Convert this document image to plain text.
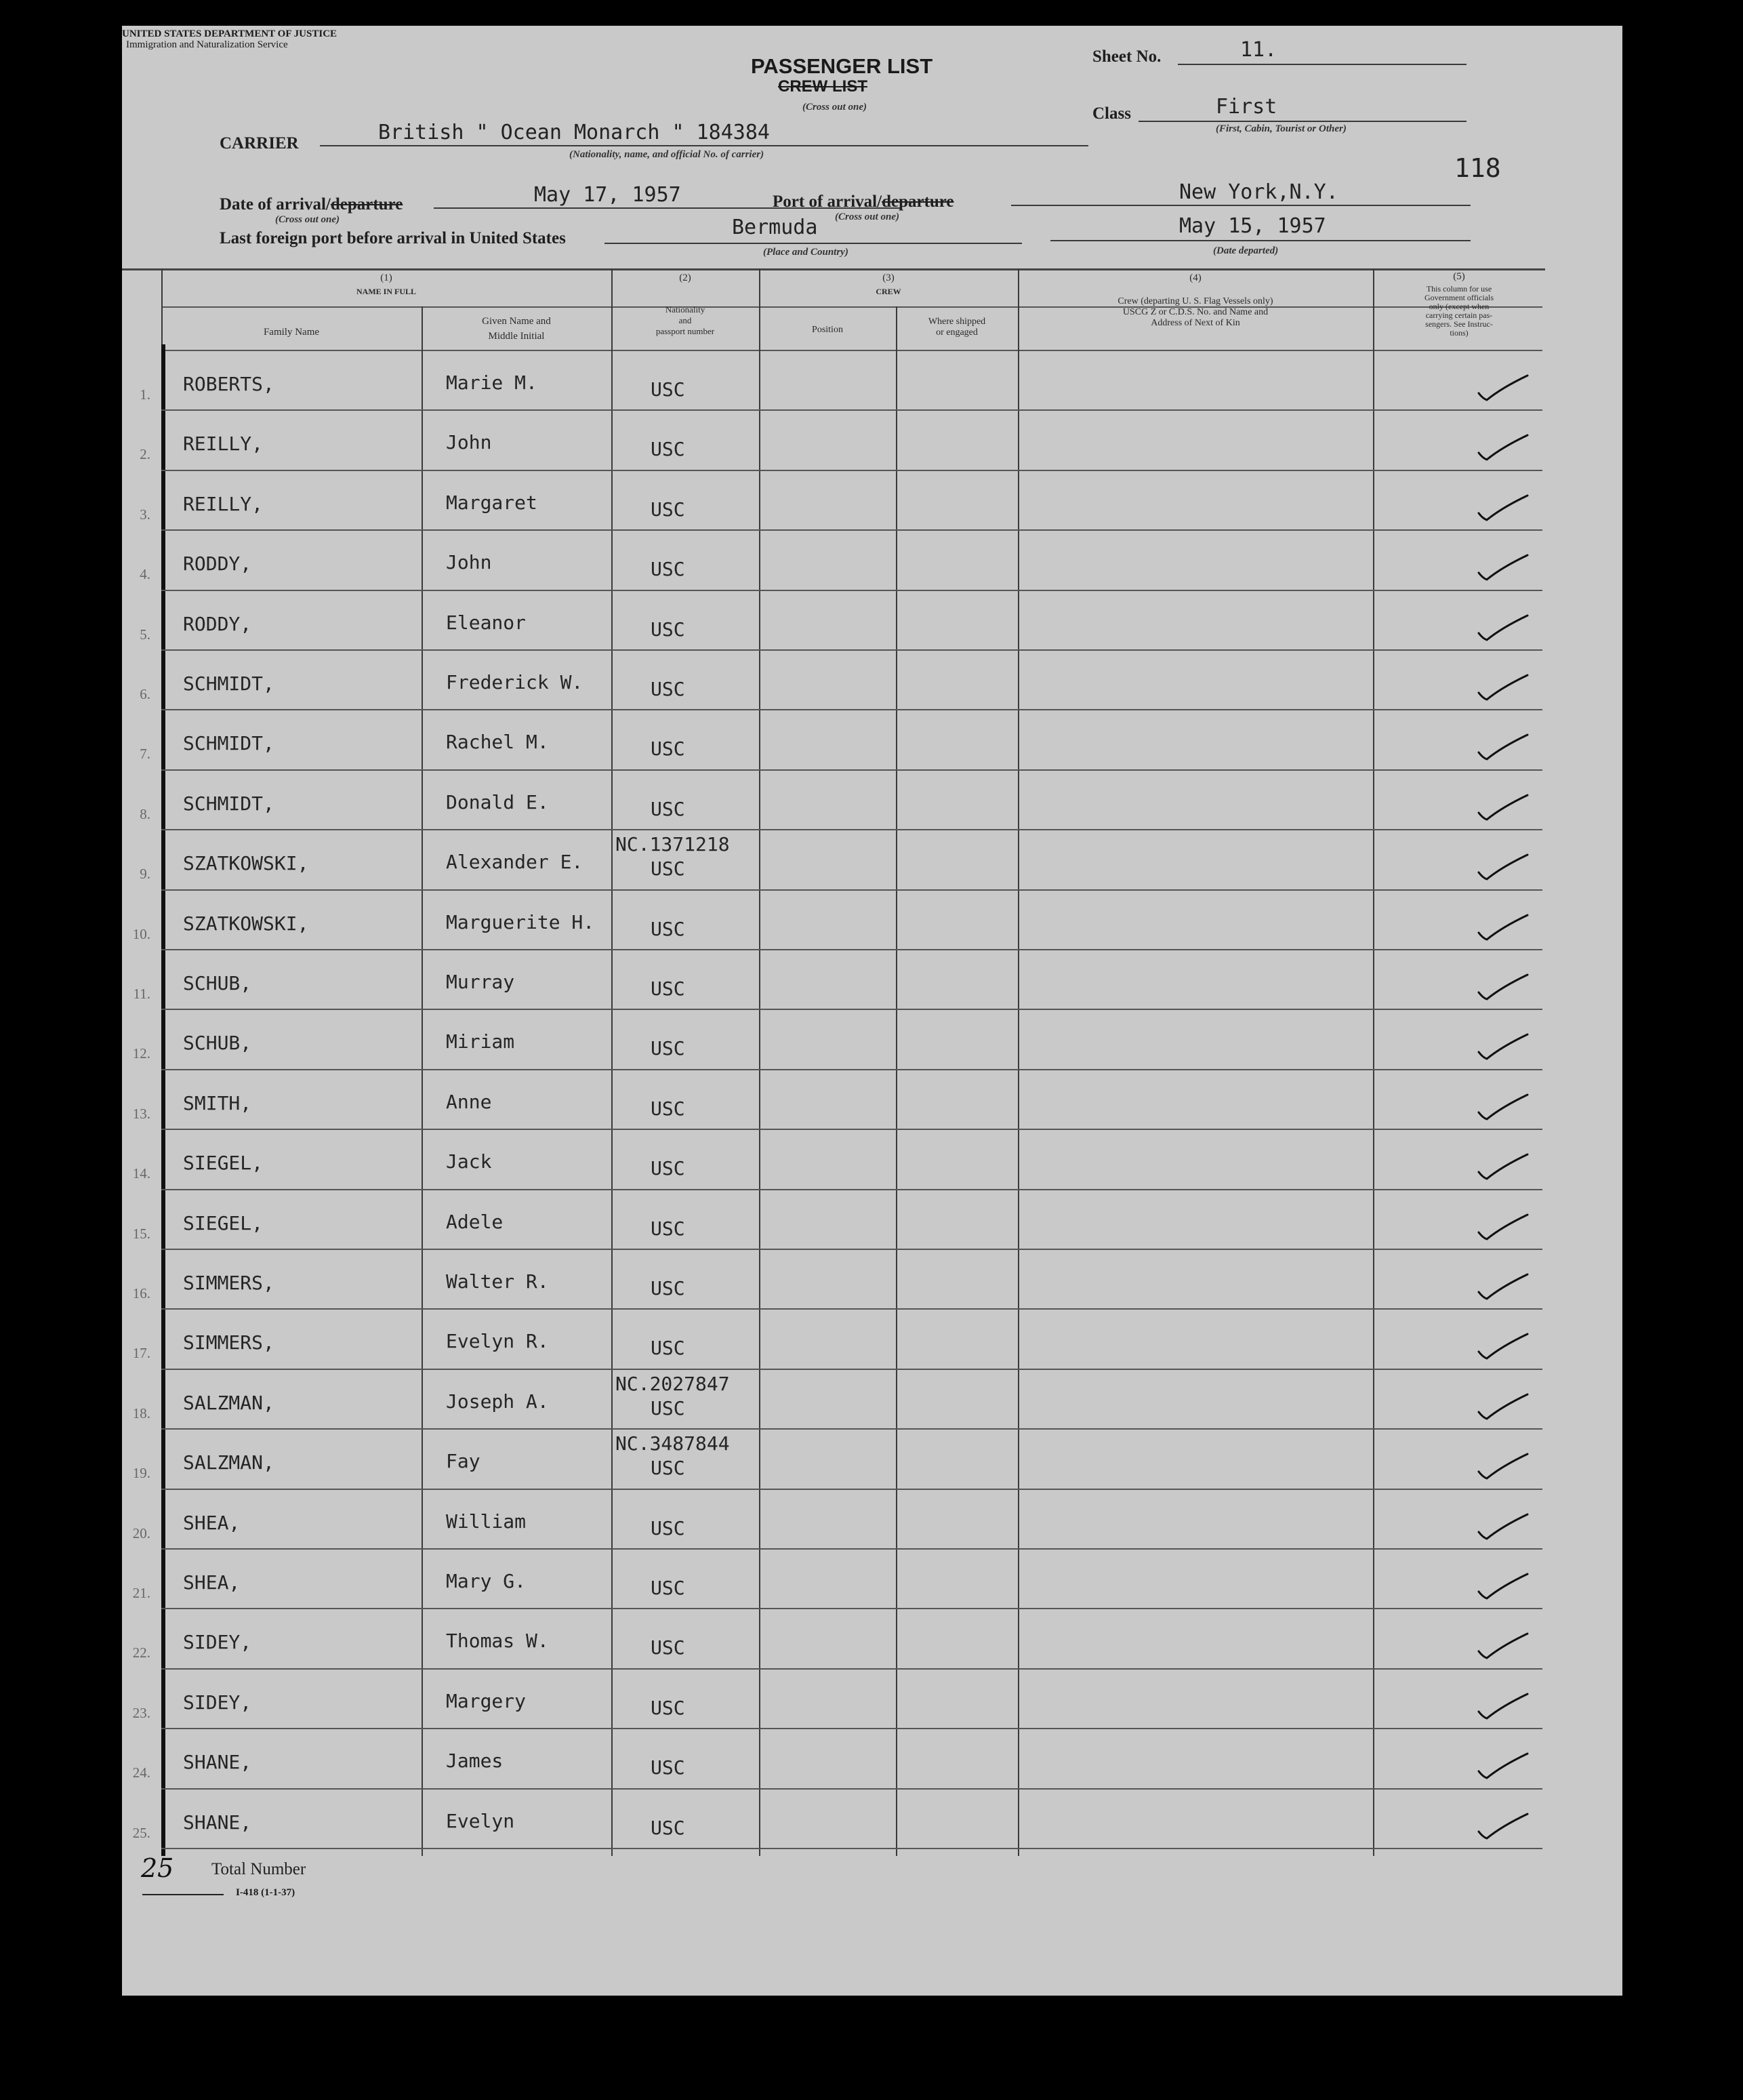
UNITED STATES DEPARTMENT OF JUSTICE
Immigration and Naturalization Service
PASSENGER LIST
CREW LIST
(Cross out one)
Sheet No.	11.
Class	First
(First, Cabin, Tourist or Other)
118
CARRIER	British " Ocean Monarch " 184384
(Nationality, name, and official No. of carrier)
Date of arrival/departure
(Cross out one)
May 17, 1957	Port of arrival/departure
(Cross out one)
New York,N.Y.
Last foreign port before arrival in United States	Bermuda
(Place and Country)
May 15, 1957
(Date departed)
(1)
NAME IN FULL
Family Name
Given Name and
Middle Initial
(2)
Nationality
and
passport number
(3)
CREW
Position
Where shipped
or engaged
(4)
Crew (departing U. S. Flag Vessels only)
USCG Z or C.D.S. No. and Name and
Address of Next of Kin
(5)
This column for use
Government officials
only (except when
carrying certain pas-
sengers. See Instruc-
tions)
1. ROBERTS,	Marie M.	USC
2. REILLY,	John	USC
3. REILLY,	Margaret	USC
4. RODDY,	John	USC
5. RODDY,	Eleanor	USC
6. SCHMIDT,	Frederick W.	USC
7. SCHMIDT,	Rachel M.	USC
8. SCHMIDT,	Donald E.	USC
9. SZATKOWSKI,	Alexander E.
NC.1371218
USC
10. SZATKOWSKI,	Marguerite H.	USC
11. SCHUB,	Murray	USC
12. SCHUB,	Miriam	USC
13. SMITH,	Anne	USC
14. SIEGEL,	Jack	USC
15. SIEGEL,	Adele	USC
16. SIMMERS,	Walter R.	USC
17. SIMMERS,	Evelyn R.	USC
18. SALZMAN,	Joseph A.
NC.2027847
USC
19. SALZMAN,	Fay
NC.3487844
USC
20. SHEA,	William	USC
21. SHEA,	Mary G.	USC
22. SIDEY,	Thomas W.	USC
23. SIDEY,	Margery	USC
24. SHANE,	James	USC
25. SHANE,	Evelyn	USC
25 Total Number
I-418 (1-1-37)
